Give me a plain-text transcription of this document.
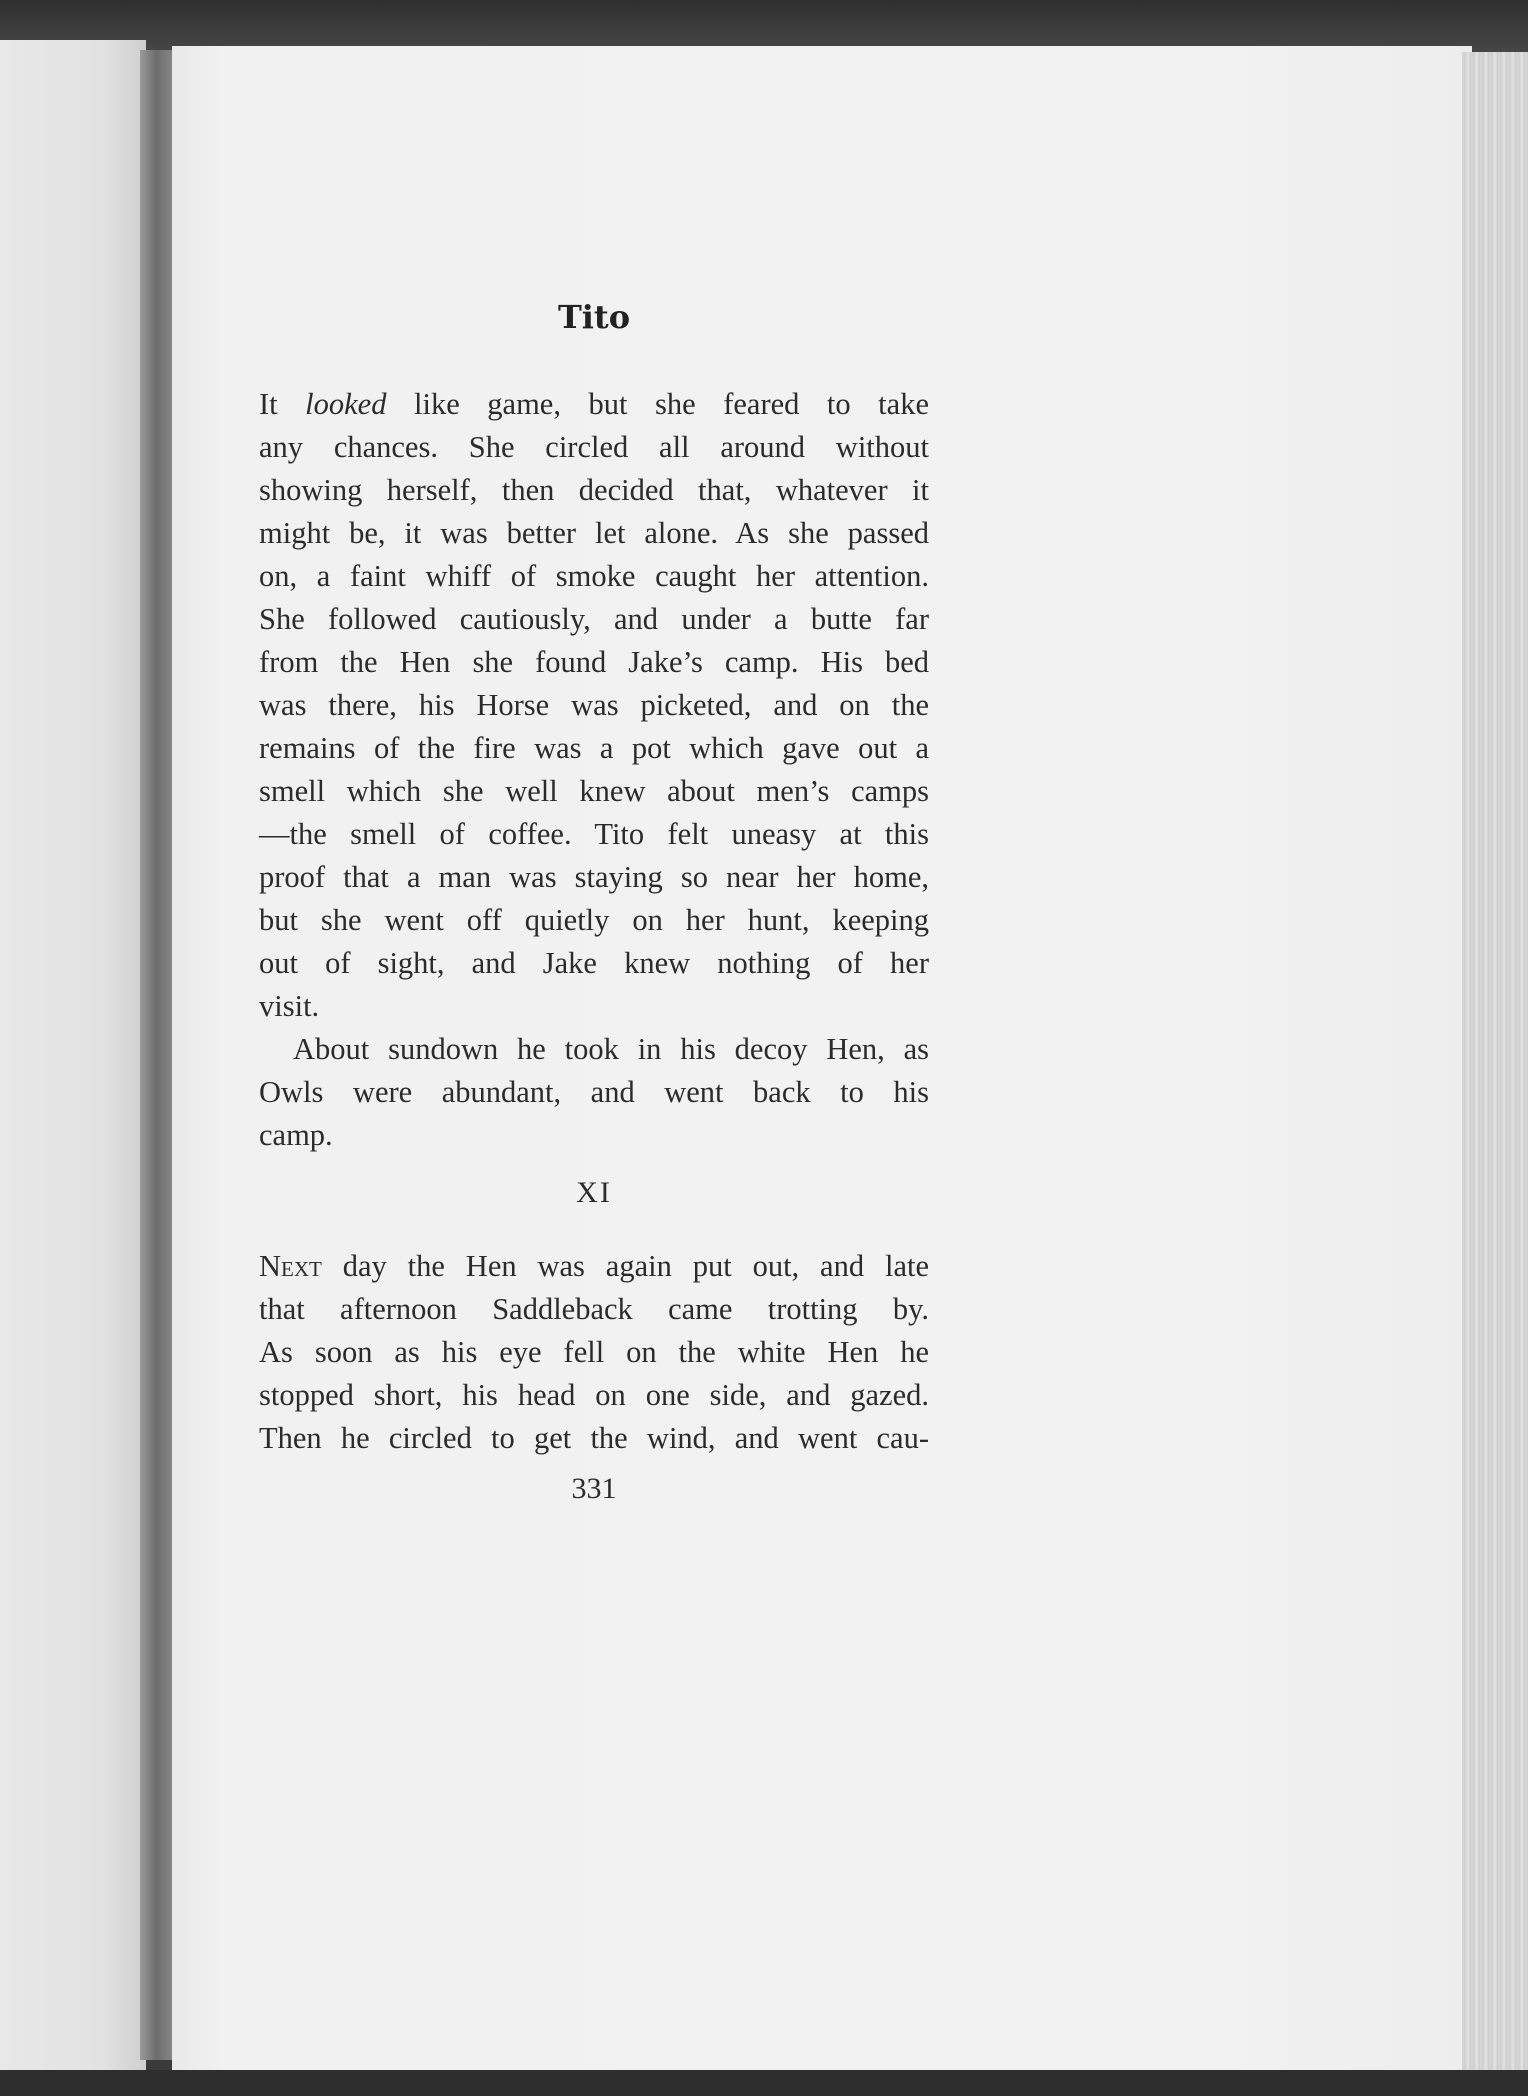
Tito
It looked like game, but she feared to take
any chances. She circled all around without
showing herself, then decided that, whatever it
might be, it was better let alone. As she passed
on, a faint whiff of smoke caught her attention.
She followed cautiously, and under a butte far
from the Hen she found Jake’s camp. His bed
was there, his Horse was picketed, and on the
remains of the fire was a pot which gave out a
smell which she well knew about men’s camps
—the smell of coffee. Tito felt uneasy at this
proof that a man was staying so near her home,
but she went off quietly on her hunt, keeping
out of sight, and Jake knew nothing of her
visit.
About sundown he took in his decoy Hen, as
Owls were abundant, and went back to his
camp.
XI
Next day the Hen was again put out, and late
that afternoon Saddleback came trotting by.
As soon as his eye fell on the white Hen he
stopped short, his head on one side, and gazed.
Then he circled to get the wind, and went cau-
331
